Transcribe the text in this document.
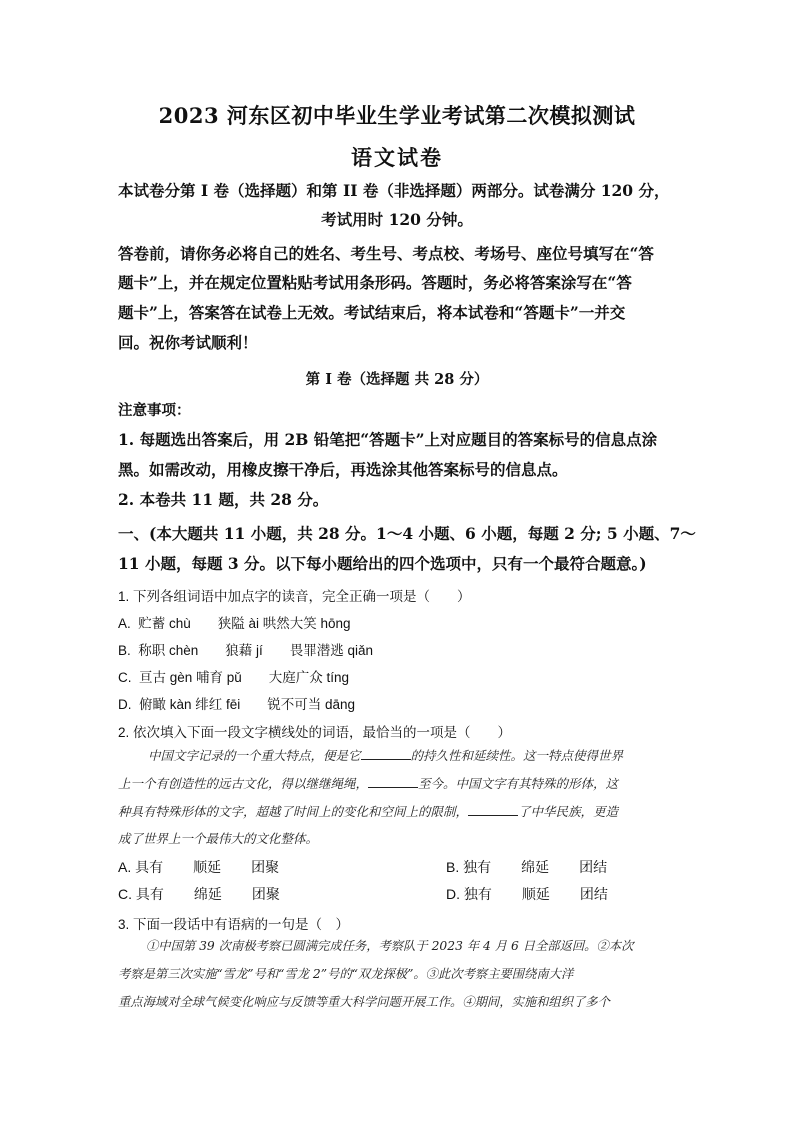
2023 河东区初中毕业生学业考试第二次模拟测试
语文试卷
本试卷分第 I 卷（选择题）和第 II 卷（非选择题）两部分。试卷满分 120 分，
考试用时 120 分钟。
答卷前，请你务必将自己的姓名、考生号、考点校、考场号、座位号填写在“答
题卡”上，并在规定位置粘贴考试用条形码。答题时，务必将答案涂写在“答
题卡”上，答案答在试卷上无效。考试结束后，将本试卷和“答题卡”一并交
回。祝你考试顺利！
第 I 卷（选择题 共 28 分）
注意事项：
1. 每题选出答案后，用 2B 铅笔把“答题卡”上对应题目的答案标号的信息点涂
黑。如需改动，用橡皮擦干净后，再选涂其他答案标号的信息点。
2. 本卷共 11 题，共 28 分。
一、(本大题共 11 小题，共 28 分。1～4 小题、6 小题，每题 2 分; 5 小题、7～
11 小题，每题 3 分。以下每小题给出的四个选项中，只有一个最符合题意。)
1. 下列各组词语中加点字的读音，完全正确一项是（　　）
A.  贮蓄 chù　　狭隘 ài 哄然大笑 hōng
B.  称职 chèn　　狼藉 jí　　畏罪潜逃 qiǎn
C.  亘古 gèn 哺育 pǔ　　大庭广众 tíng
D.  俯瞰 kàn 绯红 fēi　　锐不可当 dāng
2. 依次填入下面一段文字横线处的词语，最恰当的一项是（　　）
中国文字记录的一个重大特点，便是它	的持久性和延续性。这一特点使得世界
上一个有创造性的远古文化，得以继继绳绳，	至今。中国文字有其特殊的形体，这
种具有特殊形体的文字，超越了时间上的变化和空间上的限制，	了中华民族，更造
成了世界上一个最伟大的文化整体。
A. 具有 顺延 团聚	B. 独有 绵延 团结
C. 具有 绵延 团聚	D. 独有 顺延 团结
3. 下面一段话中有语病的一句是（　）
①中国第 39 次南极考察已圆满完成任务，考察队于 2023 年 4 月 6 日全部返回。②本次
考察是第三次实施“雪龙”号和“雪龙 2”号的“双龙探极”。③此次考察主要围绕南大洋
重点海域对全球气候变化响应与反馈等重大科学问题开展工作。④期间，实施和组织了多个
